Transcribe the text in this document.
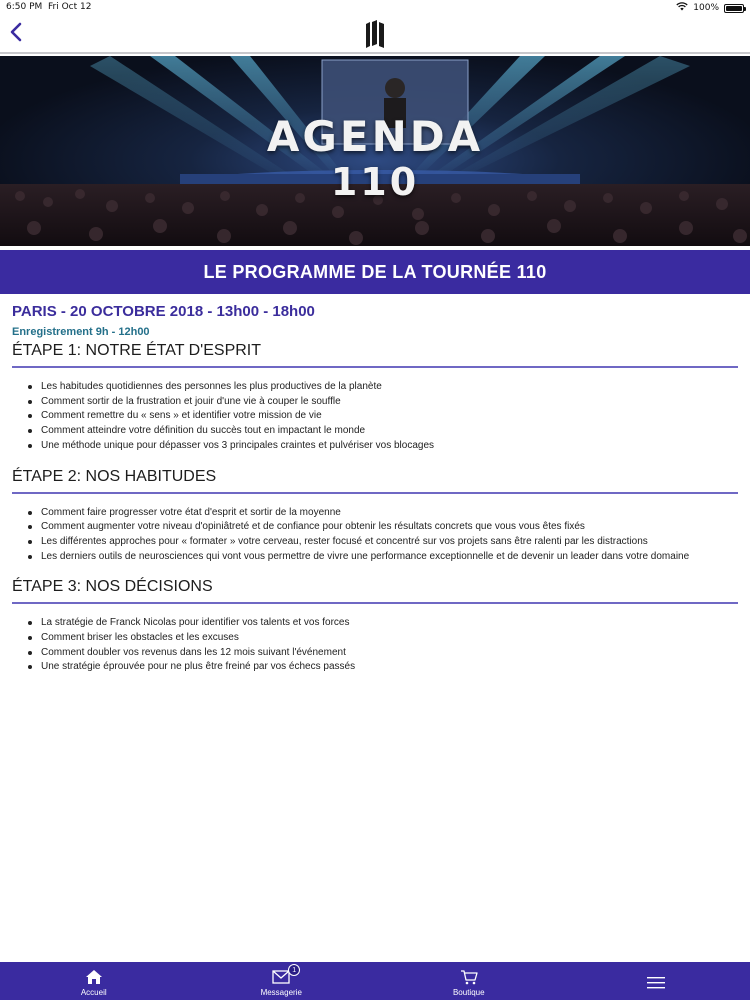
6:50 PM Fri Oct 12	100%
AGENDA
110
LE PROGRAMME DE LA TOURNÉE 110
PARIS - 20 OCTOBRE 2018 - 13h00 - 18h00
Enregistrement 9h - 12h00
ÉTAPE 1: NOTRE ÉTAT D'ESPRIT
Les habitudes quotidiennes des personnes les plus productives de la planète
Comment sortir de la frustration et jouir d'une vie à couper le souffle
Comment remettre du « sens » et identifier votre mission de vie
Comment atteindre votre définition du succès tout en impactant le monde
Une méthode unique pour dépasser vos 3 principales craintes et pulvériser vos blocages
ÉTAPE 2: NOS HABITUDES
Comment faire progresser votre état d'esprit et sortir de la moyenne
Comment augmenter votre niveau d'opiniâtreté et de confiance pour obtenir les résultats concrets que vous vous êtes fixés
Les différentes approches pour « formater » votre cerveau, rester focusé et concentré sur vos projets sans être ralenti par les distractions
Les derniers outils de neurosciences qui vont vous permettre de vivre une performance exceptionnelle et de devenir un leader dans votre domaine
ÉTAPE 3: NOS DÉCISIONS
La stratégie de Franck Nicolas pour identifier vos talents et vos forces
Comment briser les obstacles et les excuses
Comment doubler vos revenus dans les 12 mois suivant l'événement
Une stratégie éprouvée pour ne plus être freiné par vos échecs passés
Accueil
1
Messagerie	Boutique
